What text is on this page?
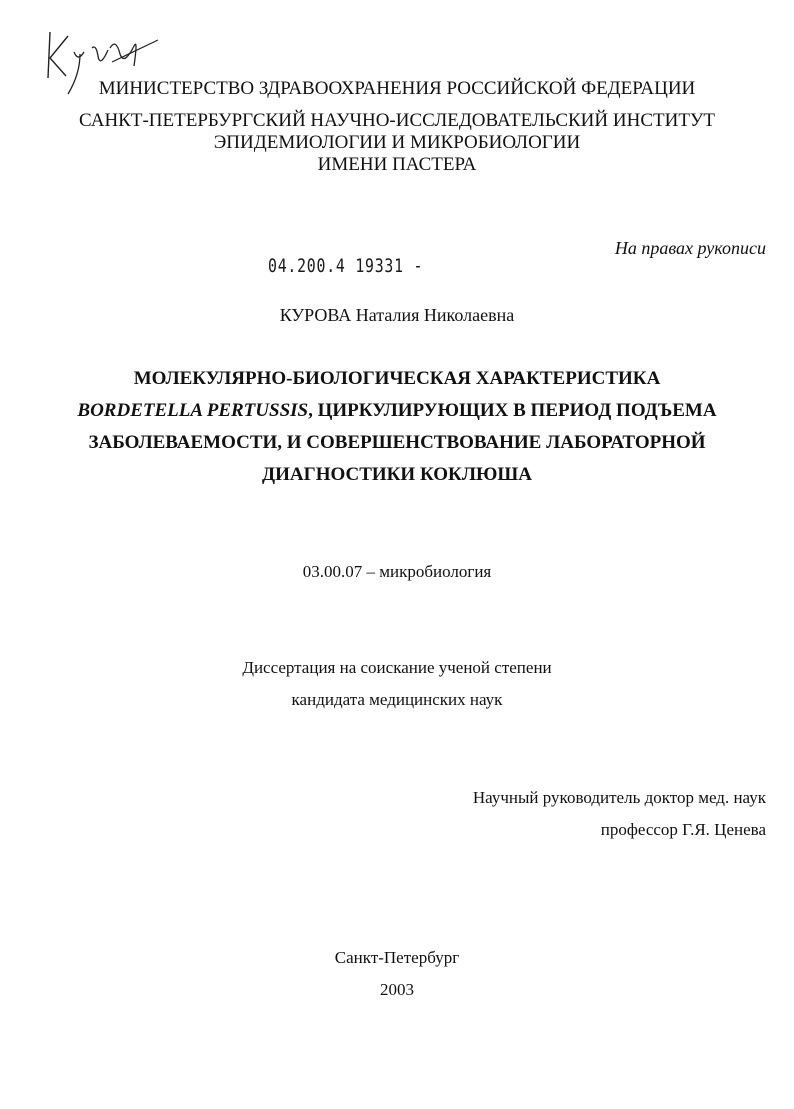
МИНИСТЕРСТВО ЗДРАВООХРАНЕНИЯ РОССИЙСКОЙ ФЕДЕРАЦИИ
САНКТ-ПЕТЕРБУРГСКИЙ НАУЧНО-ИССЛЕДОВАТЕЛЬСКИЙ ИНСТИТУТ
ЭПИДЕМИОЛОГИИ И МИКРОБИОЛОГИИ
ИМЕНИ ПАСТЕРА
04.200.4 19331 -
На правах рукописи
КУРОВА Наталия Николаевна
МОЛЕКУЛЯРНО-БИОЛОГИЧЕСКАЯ ХАРАКТЕРИСТИКА
BORDETELLA PERTUSSIS, ЦИРКУЛИРУЮЩИХ В ПЕРИОД ПОДЪЕМА
ЗАБОЛЕВАЕМОСТИ, И СОВЕРШЕНСТВОВАНИЕ ЛАБОРАТОРНОЙ
ДИАГНОСТИКИ КОКЛЮША
03.00.07 – микробиология
Диссертация на соискание ученой степени
кандидата медицинских наук
Научный руководитель доктор мед. наук
профессор Г.Я. Ценева
Санкт-Петербург
2003
